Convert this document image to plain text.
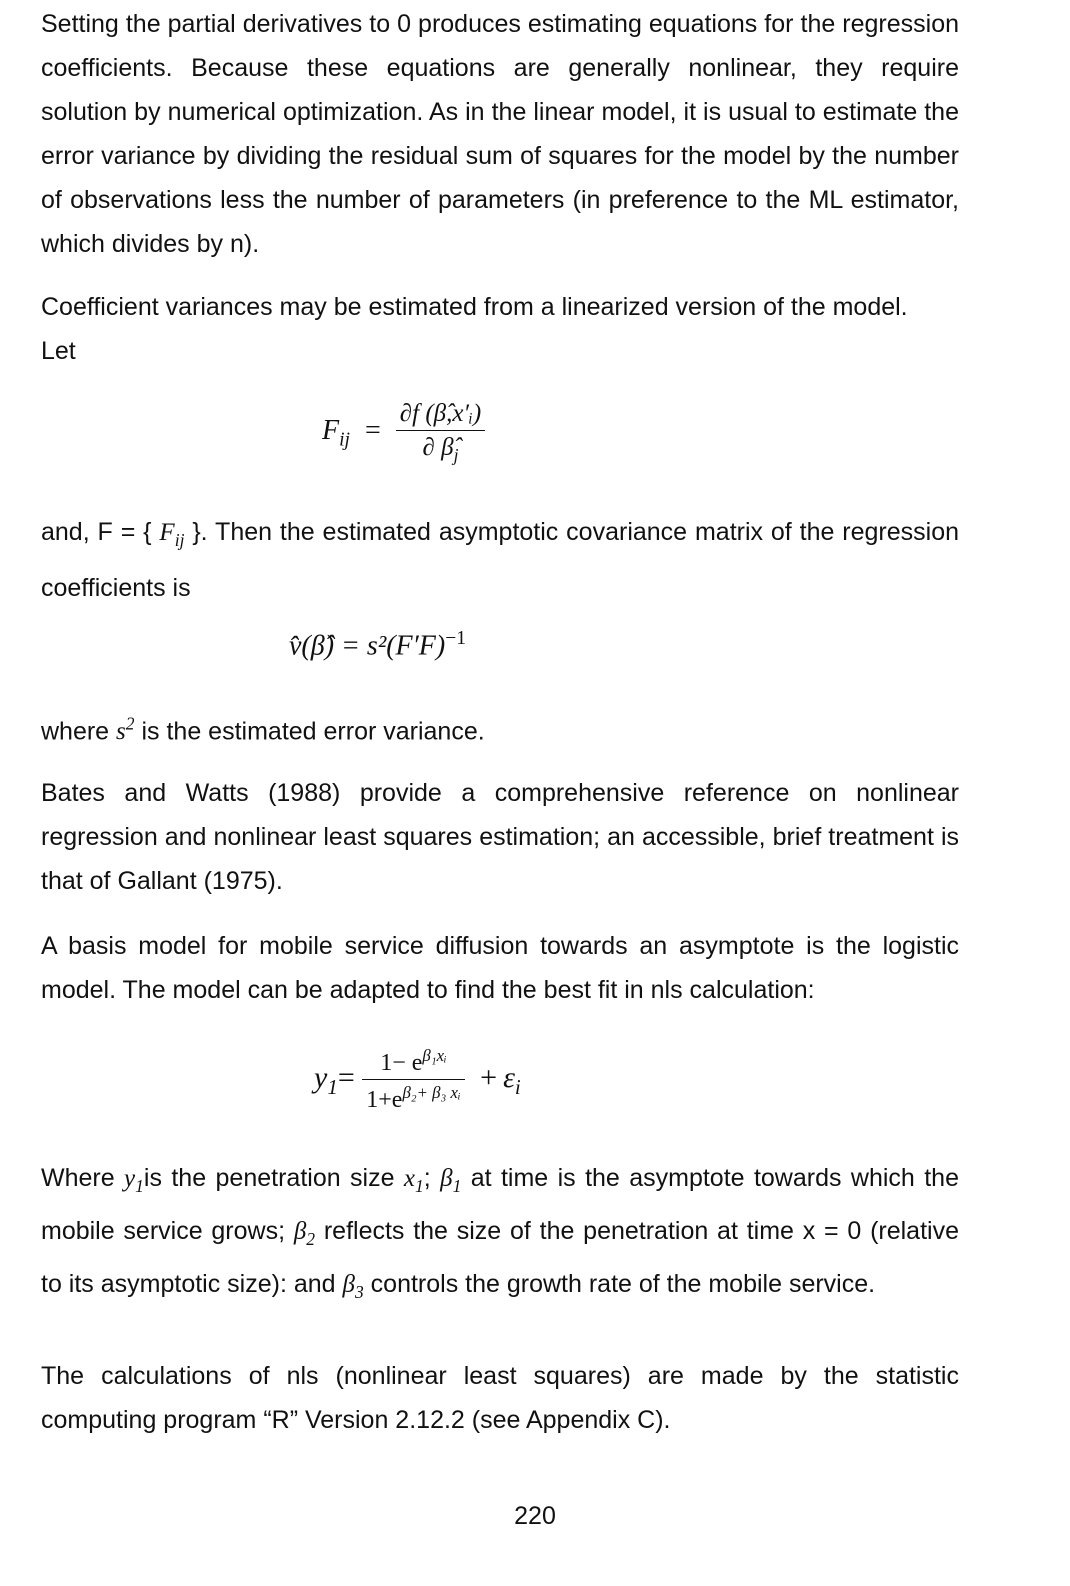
Setting the partial derivatives to 0 produces estimating equations for the regression coefficients. Because these equations are generally nonlinear, they require solution by numerical optimization. As in the linear model, it is usual to estimate the error variance by dividing the residual sum of squares for the model by the number of observations less the number of parameters (in preference to the ML estimator, which divides by n).

Coefficient variances may be estimated from a linearized version of the model.
Let

$F_{ij} = \frac{\text{∂f (β̂,x′ᵢ)}}{\partial \betâ_j}$

and, F = { $F_{ij}$ }. Then the estimated asymptotic covariance matrix of the regression coefficients is

v̂(β̂) = $s^2(F'F)^{-1}$

where $s^2$ is the estimated error variance.

Bates and Watts (1988) provide a comprehensive reference on nonlinear regression and nonlinear least squares estimation; an accessible, brief treatment is that of Gallant (1975).

A basis model for mobile service diffusion towards an asymptote is the logistic model. The model can be adapted to find the best fit in nls calculation:

$y_1= \frac{1- e^{\beta_1xᵢ}}{1+e^{\beta_2+ \beta_3 xᵢ}} + \varepsilon_i$

Where $y_1is$ the penetration size $x_1$; $\beta_1$ at time is the asymptote towards which the mobile service grows; $\beta_2$ reflects the size of the penetration at time x = 0 (relative to its asymptotic size): and $\beta_3$ controls the growth rate of the mobile service.

The calculations of nls (nonlinear least squares) are made by the statistic computing program “R” Version 2.12.2 (see Appendix C).

220
